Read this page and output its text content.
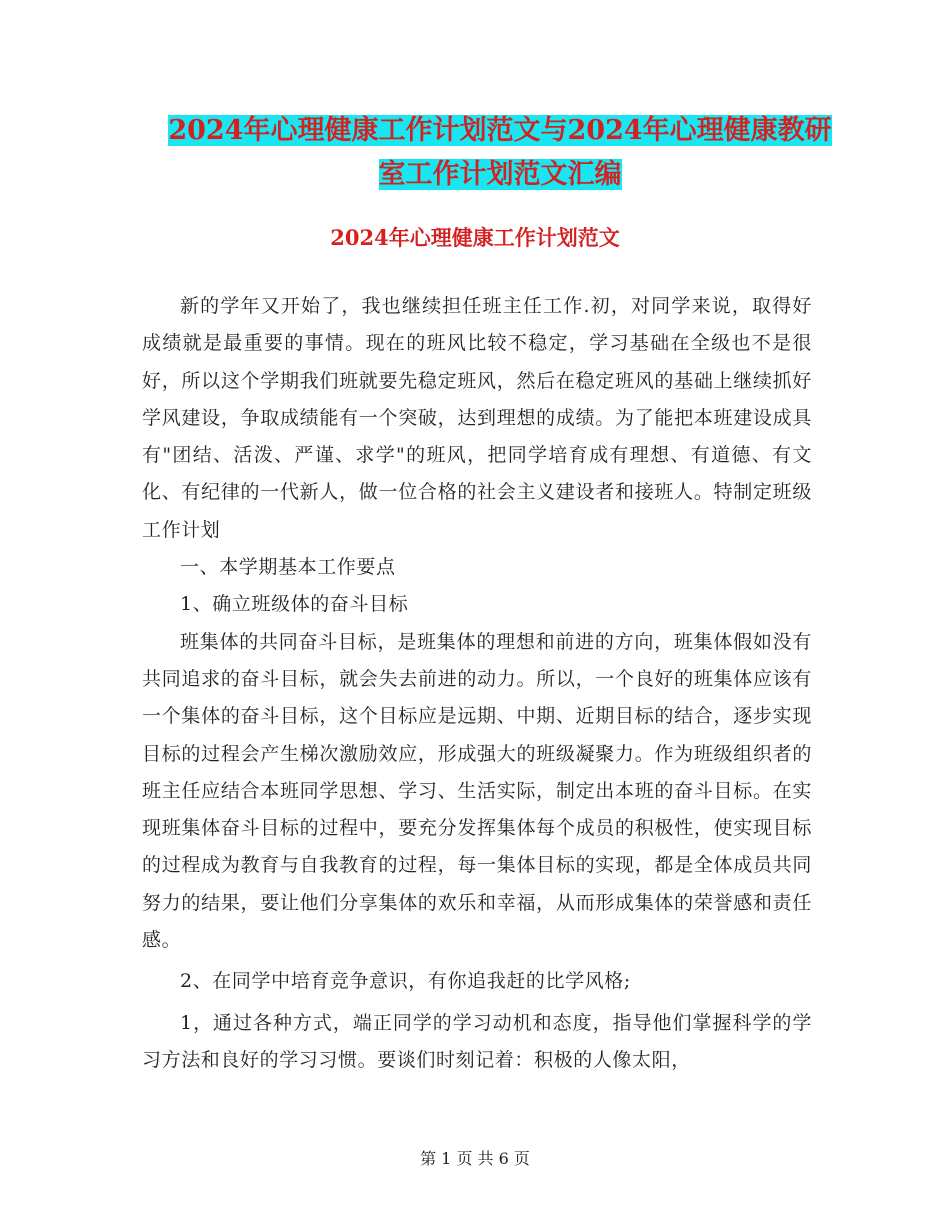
2024年心理健康工作计划范文与2024年心理健康教研
室工作计划范文汇编
2024年心理健康工作计划范文

新的学年又开始了，我也继续担任班主任工作.初，对同学来说，取得好成绩就是最重要的事情。现在的班风比较不稳定，学习基础在全级也不是很好，所以这个学期我们班就要先稳定班风，然后在稳定班风的基础上继续抓好学风建设，争取成绩能有一个突破，达到理想的成绩。为了能把本班建设成具有"团结、活泼、严谨、求学"的班风，把同学培育成有理想、有道德、有文化、有纪律的一代新人，做一位合格的社会主义建设者和接班人。特制定班级工作计划

一、本学期基本工作要点

1、确立班级体的奋斗目标

班集体的共同奋斗目标，是班集体的理想和前进的方向，班集体假如没有共同追求的奋斗目标，就会失去前进的动力。所以，一个良好的班集体应该有一个集体的奋斗目标，这个目标应是远期、中期、近期目标的结合，逐步实现目标的过程会产生梯次激励效应，形成强大的班级凝聚力。作为班级组织者的班主任应结合本班同学思想、学习、生活实际，制定出本班的奋斗目标。在实现班集体奋斗目标的过程中，要充分发挥集体每个成员的积极性，使实现目标的过程成为教育与自我教育的过程，每一集体目标的实现，都是全体成员共同努力的结果，要让他们分享集体的欢乐和幸福，从而形成集体的荣誉感和责任感。

2、在同学中培育竞争意识，有你追我赶的比学风格;

1，通过各种方式，端正同学的学习动机和态度，指导他们掌握科学的学习方法和良好的学习习惯。要谈们时刻记着：积极的人像太阳，

第 1 页 共 6 页
